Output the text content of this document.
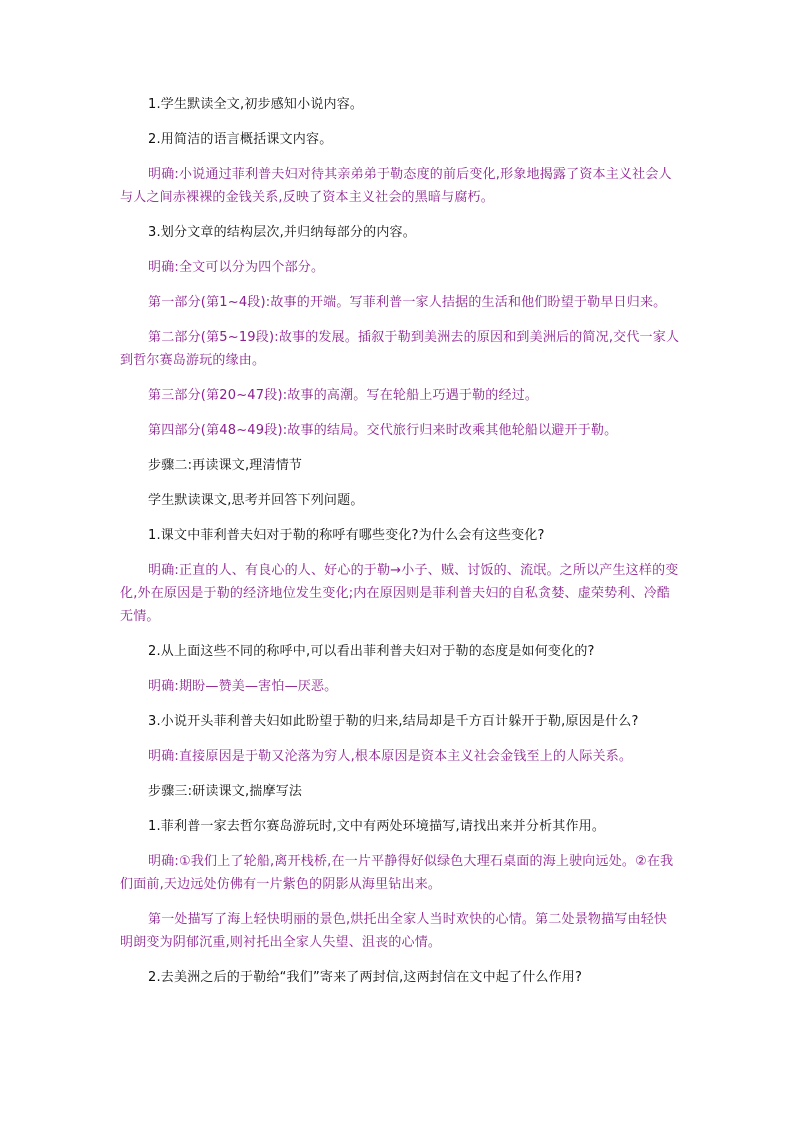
1.学生默读全文,初步感知小说内容。

2.用简洁的语言概括课文内容。

明确:小说通过菲利普夫妇对待其亲弟弟于勒态度的前后变化,形象地揭露了资本主义社会人与人之间赤裸裸的金钱关系,反映了资本主义社会的黑暗与腐朽。

3.划分文章的结构层次,并归纳每部分的内容。

明确:全文可以分为四个部分。

第一部分(第1~4段):故事的开端。写菲利普一家人拮据的生活和他们盼望于勒早日归来。

第二部分(第5~19段):故事的发展。插叙于勒到美洲去的原因和到美洲后的简况,交代一家人到哲尔赛岛游玩的缘由。

第三部分(第20~47段):故事的高潮。写在轮船上巧遇于勒的经过。

第四部分(第48~49段):故事的结局。交代旅行归来时改乘其他轮船以避开于勒。

步骤二:再读课文,理清情节

学生默读课文,思考并回答下列问题。

1.课文中菲利普夫妇对于勒的称呼有哪些变化?为什么会有这些变化?

明确:正直的人、有良心的人、好心的于勒→小子、贼、讨饭的、流氓。之所以产生这样的变化,外在原因是于勒的经济地位发生变化;内在原因则是菲利普夫妇的自私贪婪、虚荣势利、冷酷无情。

2.从上面这些不同的称呼中,可以看出菲利普夫妇对于勒的态度是如何变化的?

明确:期盼—赞美—害怕—厌恶。

3.小说开头菲利普夫妇如此盼望于勒的归来,结局却是千方百计躲开于勒,原因是什么?

明确:直接原因是于勒又沦落为穷人,根本原因是资本主义社会金钱至上的人际关系。

步骤三:研读课文,揣摩写法

1.菲利普一家去哲尔赛岛游玩时,文中有两处环境描写,请找出来并分析其作用。

明确:①我们上了轮船,离开栈桥,在一片平静得好似绿色大理石桌面的海上驶向远处。②在我们面前,天边远处仿佛有一片紫色的阴影从海里钻出来。

第一处描写了海上轻快明丽的景色,烘托出全家人当时欢快的心情。第二处景物描写由轻快明朗变为阴郁沉重,则衬托出全家人失望、沮丧的心情。

2.去美洲之后的于勒给“我们”寄来了两封信,这两封信在文中起了什么作用?
